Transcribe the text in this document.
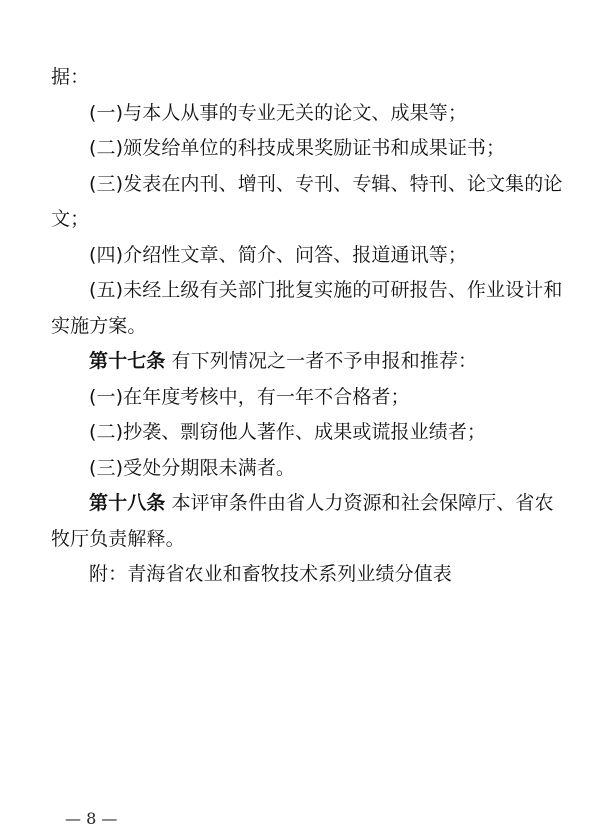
据：
(一)与本人从事的专业无关的论文、成果等；
(二)颁发给单位的科技成果奖励证书和成果证书；
(三)发表在内刊、增刊、专刊、专辑、特刊、论文集的论
文；
(四)介绍性文章、简介、问答、报道通讯等；
(五)未经上级有关部门批复实施的可研报告、作业设计和
实施方案。
第十七条 有下列情况之一者不予申报和推荐：
(一)在年度考核中，有一年不合格者；
(二)抄袭、剽窃他人著作、成果或谎报业绩者；
(三)受处分期限未满者。
第十八条 本评审条件由省人力资源和社会保障厅、省农
牧厅负责解释。
附：青海省农业和畜牧技术系列业绩分值表
— 8 —
